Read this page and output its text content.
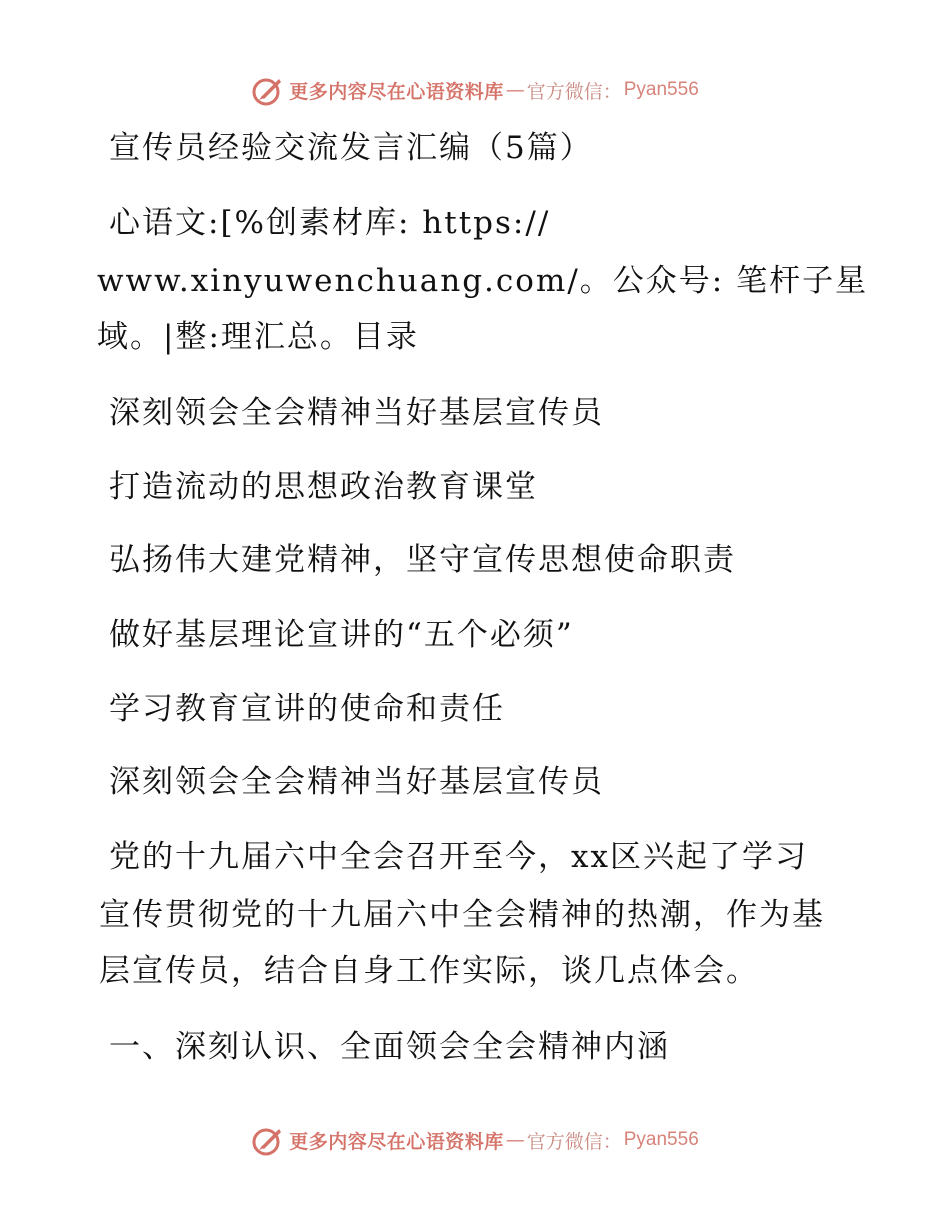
更多内容尽在心语资料库 — 官方微信： Pyan556
宣传员经验交流发言汇编（5篇）
心语文:[%创素材库: https://
www.xinyuwenchuang.com/。公众号: 笔杆子星
域。|整:理汇总。目录
深刻领会全会精神当好基层宣传员
打造流动的思想政治教育课堂
弘扬伟大建党精神，坚守宣传思想使命职责
做好基层理论宣讲的“五个必须”
学习教育宣讲的使命和责任
深刻领会全会精神当好基层宣传员
党的十九届六中全会召开至今，xx区兴起了学习
宣传贯彻党的十九届六中全会精神的热潮，作为基
层宣传员，结合自身工作实际，谈几点体会。
一、深刻认识、全面领会全会精神内涵
更多内容尽在心语资料库 — 官方微信： Pyan556
